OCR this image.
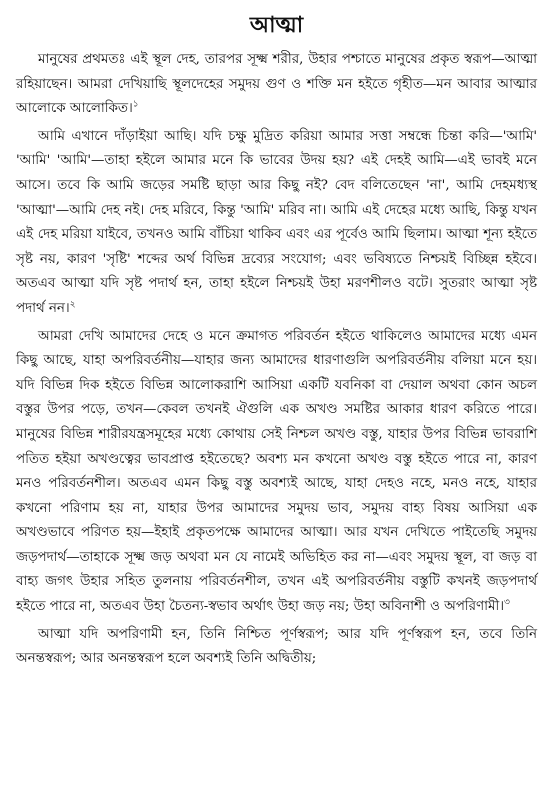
আত্মা

মানুষের প্রথমতঃ এই স্থূল দেহ, তারপর সূক্ষ্ম শরীর, উহার পশ্চাতে মানুষের প্রকৃত স্বরূপ—আত্মা রহিয়াছেন। আমরা দেখিয়াছি স্থূলদেহের সমুদয় গুণ ও শক্তি মন হইতে গৃহীত—মন আবার আত্মার আলোকে আলোকিত।$^১$

আমি এখানে দাঁড়াইয়া আছি। যদি চক্ষু মুদ্রিত করিয়া আমার সত্তা সম্বন্ধে চিন্তা করি—'আমি' 'আমি' 'আমি'—তাহা হইলে আমার মনে কি ভাবের উদয় হয়? এই দেহই আমি—এই ভাবই মনে আসে। তবে কি আমি জড়ের সমষ্টি ছাড়া আর কিছু নই? বেদ বলিতেছেন 'না', আমি দেহমধ্যস্থ 'আত্মা'—আমি দেহ নই। দেহ মরিবে, কিন্তু 'আমি' মরিব না। আমি এই দেহের মধ্যে আছি, কিন্তু যখন এই দেহ মরিয়া যাইবে, তখনও আমি বাঁচিয়া থাকিব এবং এর পূর্বেও আমি ছিলাম। আত্মা শূন্য হইতে সৃষ্ট নয়, কারণ 'সৃষ্টি' শব্দের অর্থ বিভিন্ন দ্রব্যের সংযোগ; এবং ভবিষ্যতে নিশ্চয়ই বিচ্ছিন্ন হইবে। অতএব আত্মা যদি সৃষ্ট পদার্থ হন, তাহা হইলে নিশ্চয়ই উহা মরণশীলও বটে। সুতরাং আত্মা সৃষ্ট পদার্থ নন।$^২$

আমরা দেখি আমাদের দেহে ও মনে ক্রমাগত পরিবর্তন হইতে থাকিলেও আমাদের মধ্যে এমন কিছু আছে, যাহা অপরিবর্তনীয়—যাহার জন্য আমাদের ধারণাগুলি অপরিবর্তনীয় বলিয়া মনে হয়। যদি বিভিন্ন দিক হইতে বিভিন্ন আলোকরাশি আসিয়া একটি যবনিকা বা দেয়াল অথবা কোন অচল বস্তুর উপর পড়ে, তখন—কেবল তখনই ঐগুলি এক অখণ্ড সমষ্টির আকার ধারণ করিতে পারে। মানুষের বিভিন্ন শারীরযন্ত্রসমূহের মধ্যে কোথায় সেই নিশ্চল অখণ্ড বস্তু, যাহার উপর বিভিন্ন ভাবরাশি পতিত হইয়া অখণ্ডত্বের ভাবপ্রাপ্ত হইতেছে? অবশ্য মন কখনো অখণ্ড বস্তু হইতে পারে না, কারণ মনও পরিবর্তনশীল। অতএব এমন কিছু বস্তু অবশ্যই আছে, যাহা দেহও নহে, মনও নহে, যাহার কখনো পরিণাম হয় না, যাহার উপর আমাদের সমুদয় ভাব, সমুদয় বাহ্য বিষয় আসিয়া এক অখণ্ডভাবে পরিণত হয়—ইহাই প্রকৃতপক্ষে আমাদের আত্মা। আর যখন দেখিতে পাইতেছি সমুদয় জড়পদার্থ—তাহাকে সূক্ষ্ম জড় অথবা মন যে নামেই অভিহিত কর না—এবং সমুদয় স্থূল, বা জড় বা বাহ্য জগৎ উহার সহিত তুলনায় পরিবর্তনশীল, তখন এই অপরিবর্তনীয় বস্তুটি কখনই জড়পদার্থ হইতে পারে না, অতএব উহা চৈতন্য-স্বভাব অর্থাৎ উহা জড় নয়; উহা অবিনাশী ও অপরিণামী।$^৩$

আত্মা যদি অপরিণামী হন, তিনি নিশ্চিত পূর্ণস্বরূপ; আর যদি পূর্ণস্বরূপ হন, তবে তিনি অনন্তস্বরূপ; আর অনন্তস্বরূপ হলে অবশ্যই তিনি অদ্বিতীয়;
